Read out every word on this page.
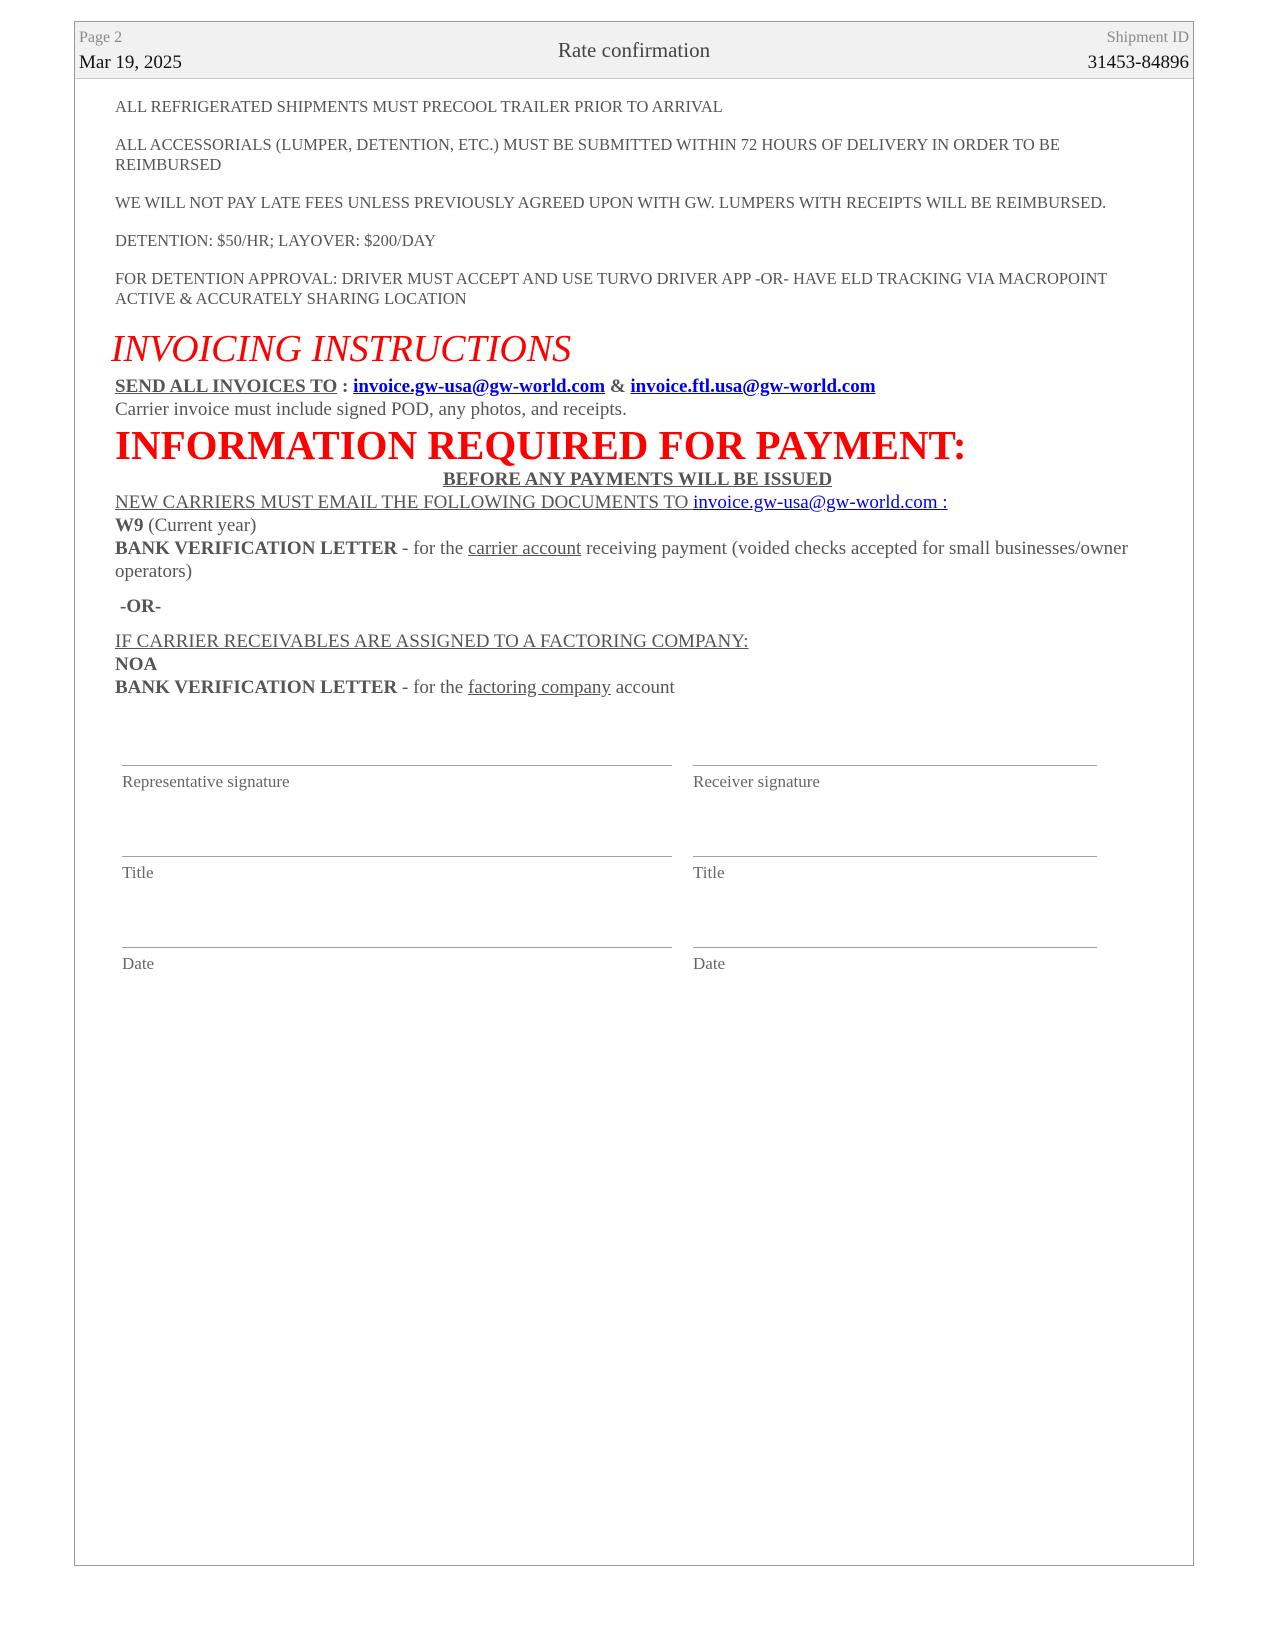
Page 2
Mar 19, 2025
Rate confirmation
Shipment ID
31453-84896

ALL REFRIGERATED SHIPMENTS MUST PRECOOL TRAILER PRIOR TO ARRIVAL

ALL ACCESSORIALS (LUMPER, DETENTION, ETC.) MUST BE SUBMITTED WITHIN 72 HOURS OF DELIVERY IN ORDER TO BE REIMBURSED

WE WILL NOT PAY LATE FEES UNLESS PREVIOUSLY AGREED UPON WITH GW. LUMPERS WITH RECEIPTS WILL BE REIMBURSED.

DETENTION: $50/HR; LAYOVER: $200/DAY

FOR DETENTION APPROVAL: DRIVER MUST ACCEPT AND USE TURVO DRIVER APP -OR- HAVE ELD TRACKING VIA MACROPOINT ACTIVE & ACCURATELY SHARING LOCATION

INVOICING INSTRUCTIONS
SEND ALL INVOICES TO : invoice.gw-usa@gw-world.com & invoice.ftl.usa@gw-world.com
Carrier invoice must include signed POD, any photos, and receipts.
INFORMATION REQUIRED FOR PAYMENT:
BEFORE ANY PAYMENTS WILL BE ISSUED
NEW CARRIERS MUST EMAIL THE FOLLOWING DOCUMENTS TO invoice.gw-usa@gw-world.com :
W9 (Current year)
BANK VERIFICATION LETTER - for the carrier account receiving payment (voided checks accepted for small businesses/owner operators)
-OR-
IF CARRIER RECEIVABLES ARE ASSIGNED TO A FACTORING COMPANY:
NOA
BANK VERIFICATION LETTER - for the factoring company account
Representative signature	Receiver signature
Title	Title
Date	Date
